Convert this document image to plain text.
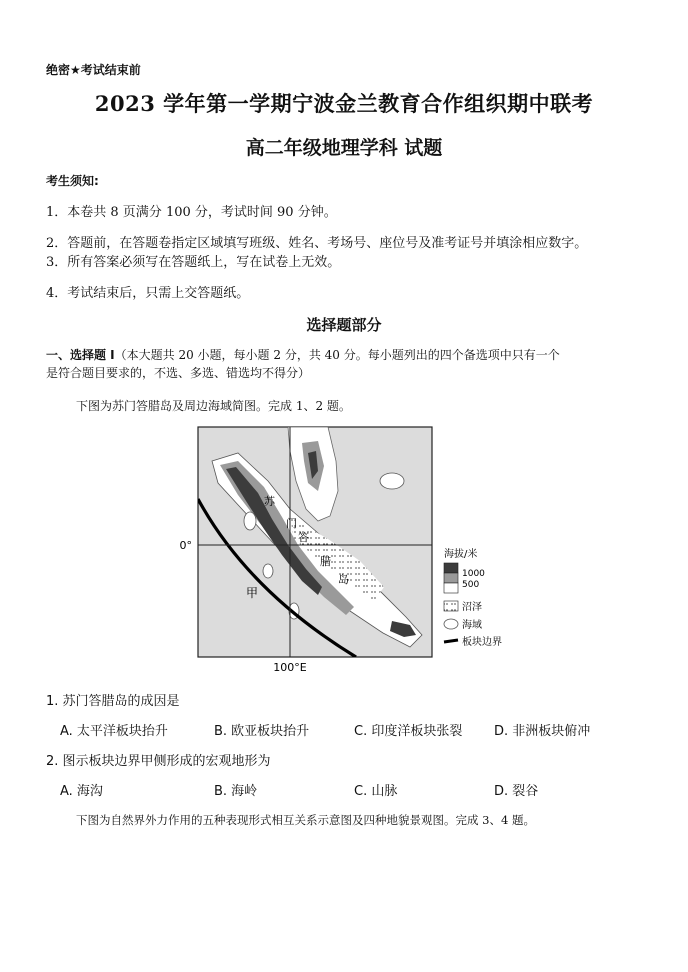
绝密★考试结束前
2023 学年第一学期宁波金兰教育合作组织期中联考
高二年级地理学科 试题
考生须知:
1．本卷共 8 页满分 100 分，考试时间 90 分钟。
2．答题前，在答题卷指定区域填写班级、姓名、考场号、座位号及准考证号并填涂相应数字。
3．所有答案必须写在答题纸上，写在试卷上无效。
4．考试结束后，只需上交答题纸。
选择题部分
一、选择题 Ⅰ（本大题共 20 小题，每小题 2 分，共 40 分。每小题列出的四个备选项中只有一个
是符合题目要求的，不选、多选、错选均不得分）
下图为苏门答腊岛及周边海域简图。完成 1、2 题。
0°
100°E
甲
苏
门
答
腊
岛
海拔/米
1000
500
沼泽
海域
板块边界
1. 苏门答腊岛的成因是
A. 太平洋板块抬升	B. 欧亚板块抬升	C. 印度洋板块张裂 D. 非洲板块俯冲
2. 图示板块边界甲侧形成的宏观地形为
A. 海沟	B. 海岭	C. 山脉	D. 裂谷
下图为自然界外力作用的五种表现形式相互关系示意图及四种地貌景观图。完成 3、4 题。
